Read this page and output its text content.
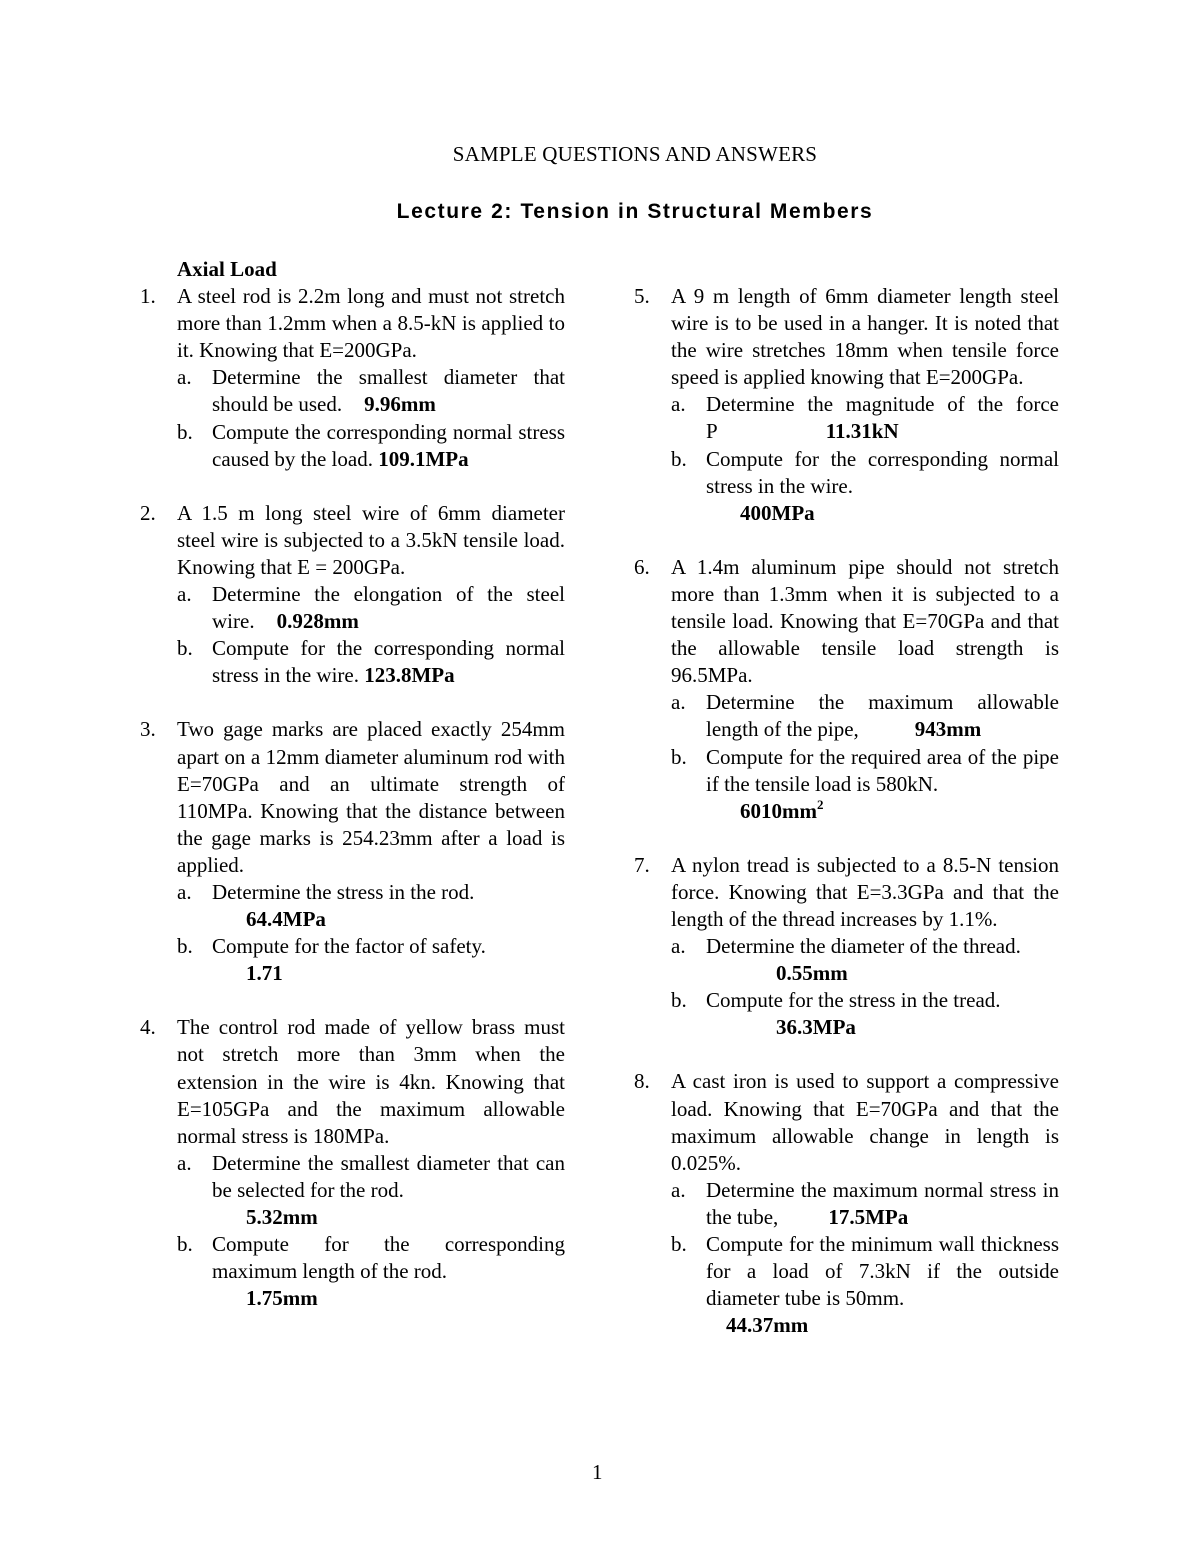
SAMPLE QUESTIONS AND ANSWERS
Lecture 2: Tension in Structural Members
Axial Load
1. A steel rod is 2.2m long and must not stretch more than 1.2mm when a 8.5-kN is applied to it. Knowing that E=200GPa.
a. Determine the smallest diameter that should be used. 9.96mm
b. Compute the corresponding normal stress caused by the load. 109.1MPa
2. A 1.5 m long steel wire of 6mm diameter steel wire is subjected to a 3.5kN tensile load. Knowing that E = 200GPa.
a. Determine the elongation of the steel wire. 0.928mm
b. Compute for the corresponding normal stress in the wire. 123.8MPa
3. Two gage marks are placed exactly 254mm apart on a 12mm diameter aluminum rod with E=70GPa and an ultimate strength of 110MPa. Knowing that the distance between the gage marks is 254.23mm after a load is applied.
a. Determine the stress in the rod.
64.4MPa
b. Compute for the factor of safety.
1.71
4. The control rod made of yellow brass must not stretch more than 3mm when the extension in the wire is 4kn. Knowing that E=105GPa and the maximum allowable normal stress is 180MPa.
a. Determine the smallest diameter that can be selected for the rod.
5.32mm
b. Compute for the corresponding maximum length of the rod.
1.75mm
5. A 9 m length of 6mm diameter length steel wire is to be used in a hanger. It is noted that the wire stretches 18mm when tensile force speed is applied knowing that E=200GPa.
a. Determine the magnitude of the force P	11.31kN
b. Compute for the corresponding normal stress in the wire.
400MPa
6. A 1.4m aluminum pipe should not stretch more than 1.3mm when it is subjected to a tensile load. Knowing that E=70GPa and that the allowable tensile load strength is 96.5MPa.
a. Determine the maximum allowable length of the pipe,	943mm
b. Compute for the required area of the pipe if the tensile load is 580kN.
$6010mm^2$
7. A nylon tread is subjected to a 8.5-N tension force. Knowing that E=3.3GPa and that the length of the thread increases by 1.1%.
a. Determine the diameter of the thread.
0.55mm
b. Compute for the stress in the tread.
36.3MPa
8. A cast iron is used to support a compressive load. Knowing that E=70GPa and that the maximum allowable change in length is 0.025%.
a. Determine the maximum normal stress in the tube, 17.5MPa
b. Compute for the minimum wall thickness for a load of 7.3kN if the outside diameter tube is 50mm.
44.37mm
1
